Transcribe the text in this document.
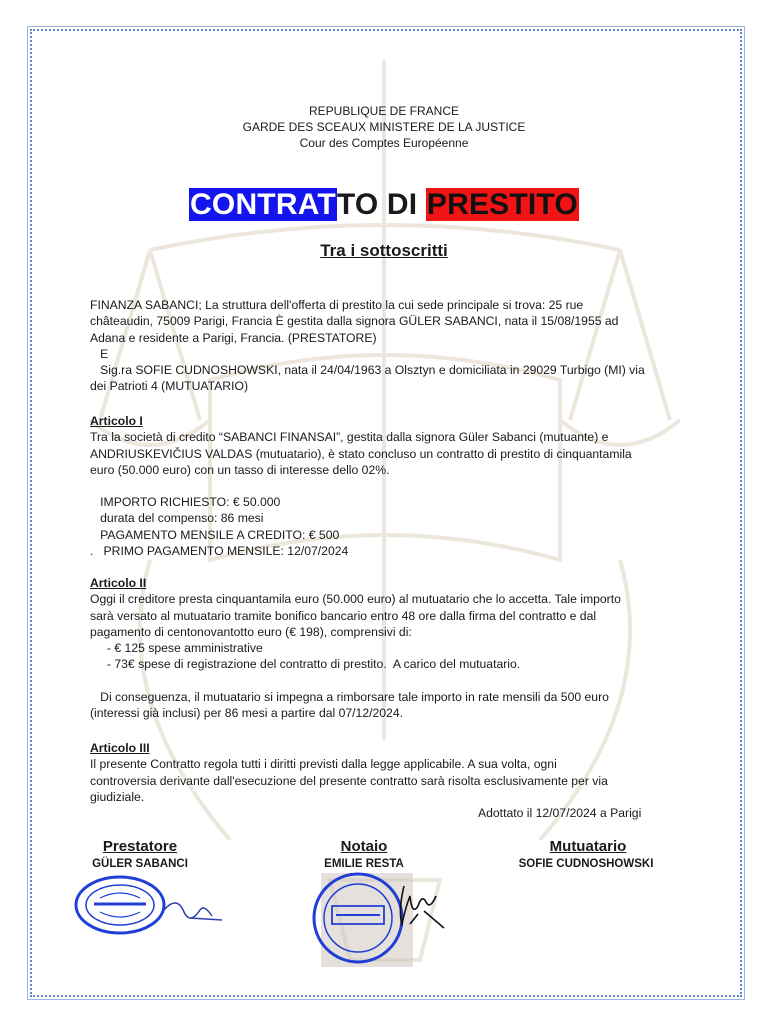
REPUBLIQUE DE FRANCE
GARDE DES SCEAUX MINISTERE DE LA JUSTICE
Cour des Comptes Européenne
CONTRATTO DI PRESTITO
Tra i sottoscritti
FINANZA SABANCI; La struttura dell'offerta di prestito la cui sede principale si trova: 25 rue
châteaudin, 75009 Parigi, Francia È gestita dalla signora GÜLER SABANCI, nata il 15/08/1955 ad
Adana e residente a Parigi, Francia. (PRESTATORE)
E
Sig.ra SOFIE CUDNOSHOWSKI, nata il 24/04/1963 a Olsztyn e domiciliata in 29029 Turbigo (MI) via
dei Patrioti 4 (MUTUATARIO)
Articolo I
Tra la società di credito “SABANCI FINANSAI”, gestita dalla signora Güler Sabanci (mutuante) e
ANDRIUSKEVIČIUS VALDAS (mutuatario), è stato concluso un contratto di prestito di cinquantamila
euro (50.000 euro) con un tasso di interesse dello 02%.
IMPORTO RICHIESTO: € 50.000
durata del compenso: 86 mesi
PAGAMENTO MENSILE A CREDITO: € 500
.   PRIMO PAGAMENTO MENSILE: 12/07/2024
Articolo II
Oggi il creditore presta cinquantamila euro (50.000 euro) al mutuatario che lo accetta. Tale importo
sarà versato al mutuatario tramite bonifico bancario entro 48 ore dalla firma del contratto e dal
pagamento di centonovantotto euro (€ 198), comprensivi di:
- € 125 spese amministrative
- 73€ spese di registrazione del contratto di prestito.  A carico del mutuatario.
Di conseguenza, il mutuatario si impegna a rimborsare tale importo in rate mensili da 500 euro
(interessi già inclusi) per 86 mesi a partire dal 07/12/2024.
Articolo III
Il presente Contratto regola tutti i diritti previsti dalla legge applicabile. A sua volta, ogni
controversia derivante dall'esecuzione del presente contratto sarà risolta esclusivamente per via
giudiziale.
Adottato il 12/07/2024 a Parigi
Prestatore	Notaio	Mutuatario
GÜLER SABANCI	EMILIE RESTA	SOFIE CUDNOSHOWSKI
